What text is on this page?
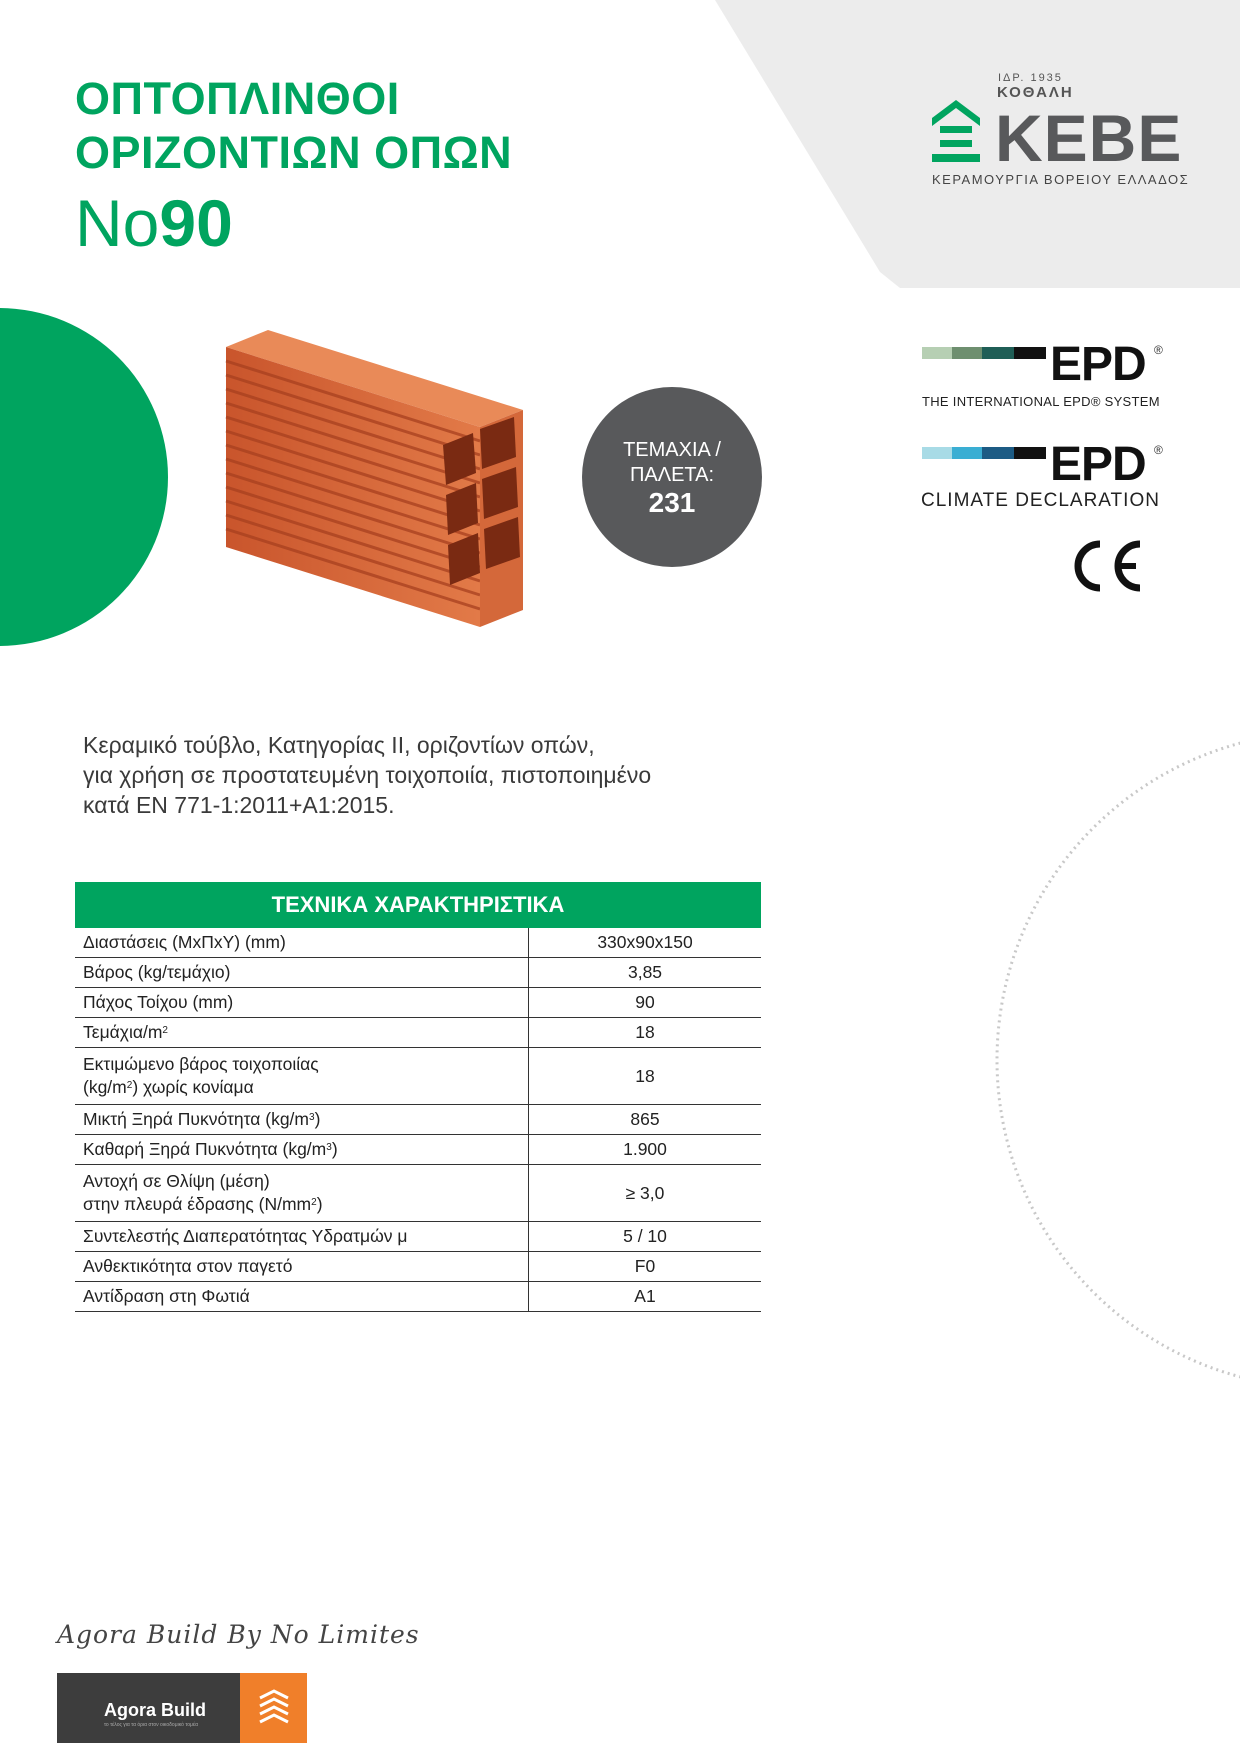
ΟΠΤΟΠΛΙΝΘΟΙ
ΟΡΙΖΟΝΤΙΩΝ ΟΠΩΝ
Νο90
ΙΔΡ. 1935
ΚΟΘΑΛΗ
KEBE
ΚΕΡΑΜΟΥΡΓΙΑ ΒΟΡΕΙΟΥ ΕΛΛΑΔΟΣ
ΤΕΜΑΧΙΑ /
ΠΑΛΕΤΑ:
231
EPD ®
THE INTERNATIONAL EPD® SYSTEM
EPD ®
CLIMATE DECLARATION
Κεραμικό τούβλο, Κατηγορίας ΙΙ, οριζοντίων οπών,
για χρήση σε προστατευμένη τοιχοποιία, πιστοποιημένο
κατά EN 771-1:2011+A1:2015.
ΤΕΧΝΙΚΑ ΧΑΡΑΚΤΗΡΙΣΤΙΚΑ	
Διαστάσεις (ΜxΠxΥ) (mm)	330x90x150
Βάρος (kg/τεμάχιο)	3,85
Πάχος Τοίχου (mm)	90
Τεμάχια/$m^2$	18
Εκτιμώμενο βάρος τοιχοποιίας
$(kg/m^2)$ χωρίς κονίαμα	18
Μικτή Ξηρά Πυκνότητα $(kg/m^3)$	865
Καθαρή Ξηρά Πυκνότητα $(kg/m^3)$	1.900
Αντοχή σε Θλίψη (μέση)
στην πλευρά έδρασης $(N/mm^2)$	≥ 3,0
Συντελεστής Διαπερατότητας Υδρατμών μ	5 / 10
Ανθεκτικότητα στον παγετό	F0
Αντίδραση στη Φωτιά	A1
Agora Build By No Limites
Agora Build
το τέλος για τα όρια στον οικοδομικό τομέα
